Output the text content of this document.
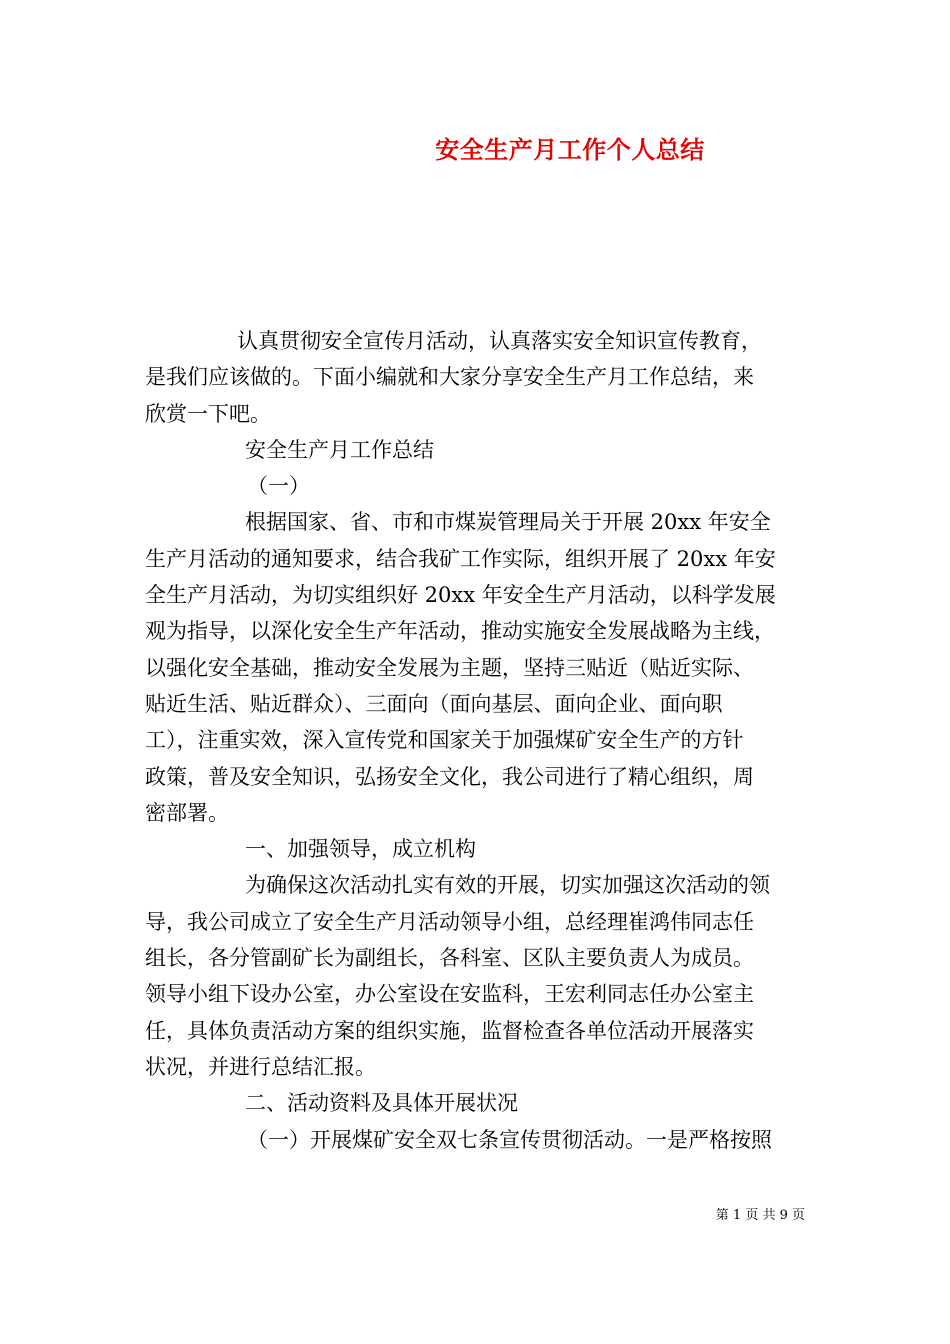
安全生产月工作个人总结
认真贯彻安全宣传月活动，认真落实安全知识宣传教育，
是我们应该做的。下面小编就和大家分享安全生产月工作总结，来
欣赏一下吧。
安全生产月工作总结
（一）
根据国家、省、市和市煤炭管理局关于开展 20xx 年安全
生产月活动的通知要求，结合我矿工作实际，组织开展了 20xx 年安
全生产月活动，为切实组织好 20xx 年安全生产月活动，以科学发展
观为指导，以深化安全生产年活动，推动实施安全发展战略为主线，
以强化安全基础，推动安全发展为主题，坚持三贴近（贴近实际、
贴近生活、贴近群众）、三面向（面向基层、面向企业、面向职
工），注重实效，深入宣传党和国家关于加强煤矿安全生产的方针
政策，普及安全知识，弘扬安全文化，我公司进行了精心组织，周
密部署。
一、加强领导，成立机构
为确保这次活动扎实有效的开展，切实加强这次活动的领
导，我公司成立了安全生产月活动领导小组，总经理崔鸿伟同志任
组长，各分管副矿长为副组长，各科室、区队主要负责人为成员。
领导小组下设办公室，办公室设在安监科，王宏利同志任办公室主
任，具体负责活动方案的组织实施，监督检查各单位活动开展落实
状况，并进行总结汇报。
二、活动资料及具体开展状况
（一）开展煤矿安全双七条宣传贯彻活动。一是严格按照
第 1 页 共 9 页
